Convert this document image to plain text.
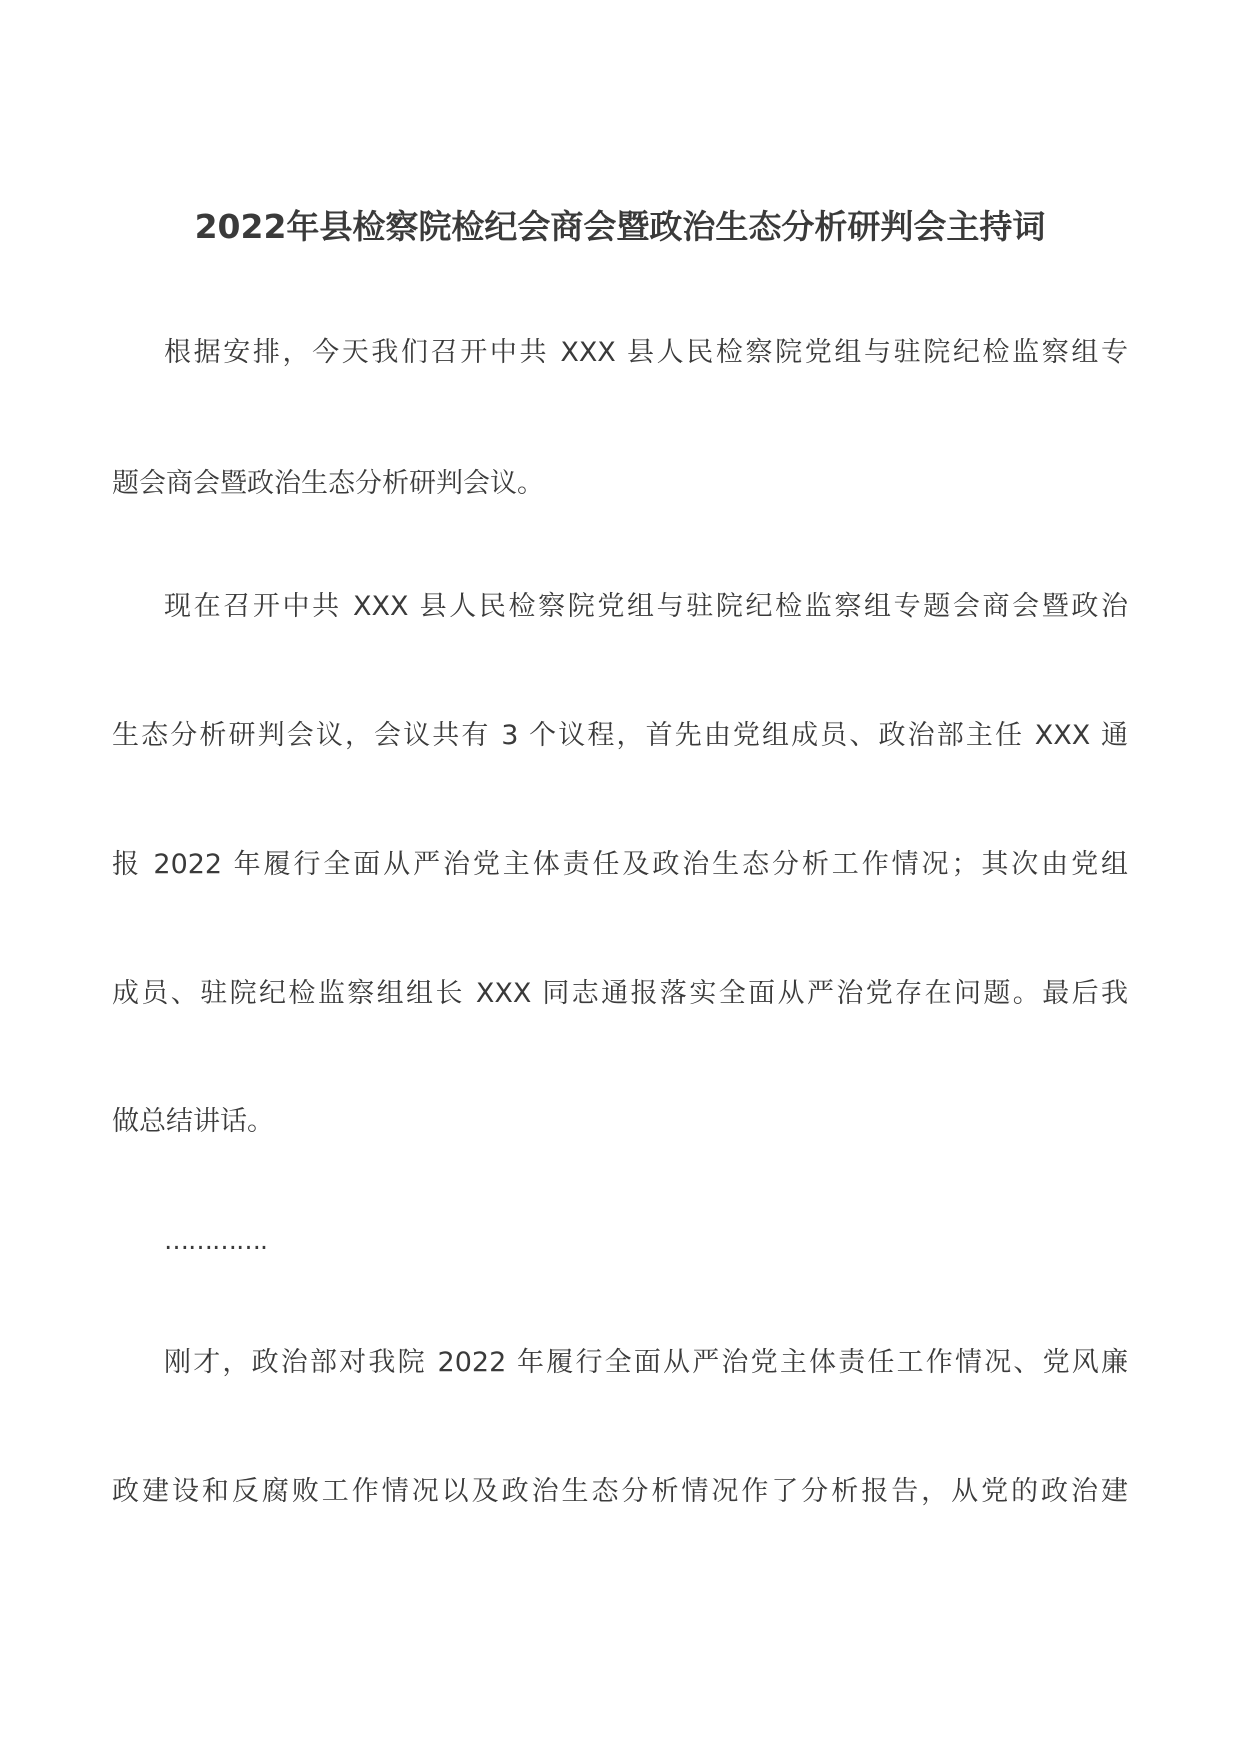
2022年县检察院检纪会商会暨政治生态分析研判会主持词

根据安排，今天我们召开中共 XXX 县人民检察院党组与驻院纪检监察组专

题会商会暨政治生态分析研判会议。

现在召开中共 XXX 县人民检察院党组与驻院纪检监察组专题会商会暨政治

生态分析研判会议，会议共有 3 个议程，首先由党组成员、政治部主任 XXX 通

报 2022 年履行全面从严治党主体责任及政治生态分析工作情况；其次由党组

成员、驻院纪检监察组组长 XXX 同志通报落实全面从严治党存在问题。最后我

做总结讲话。

………….

刚才，政治部对我院 2022 年履行全面从严治党主体责任工作情况、党风廉

政建设和反腐败工作情况以及政治生态分析情况作了分析报告，从党的政治建
